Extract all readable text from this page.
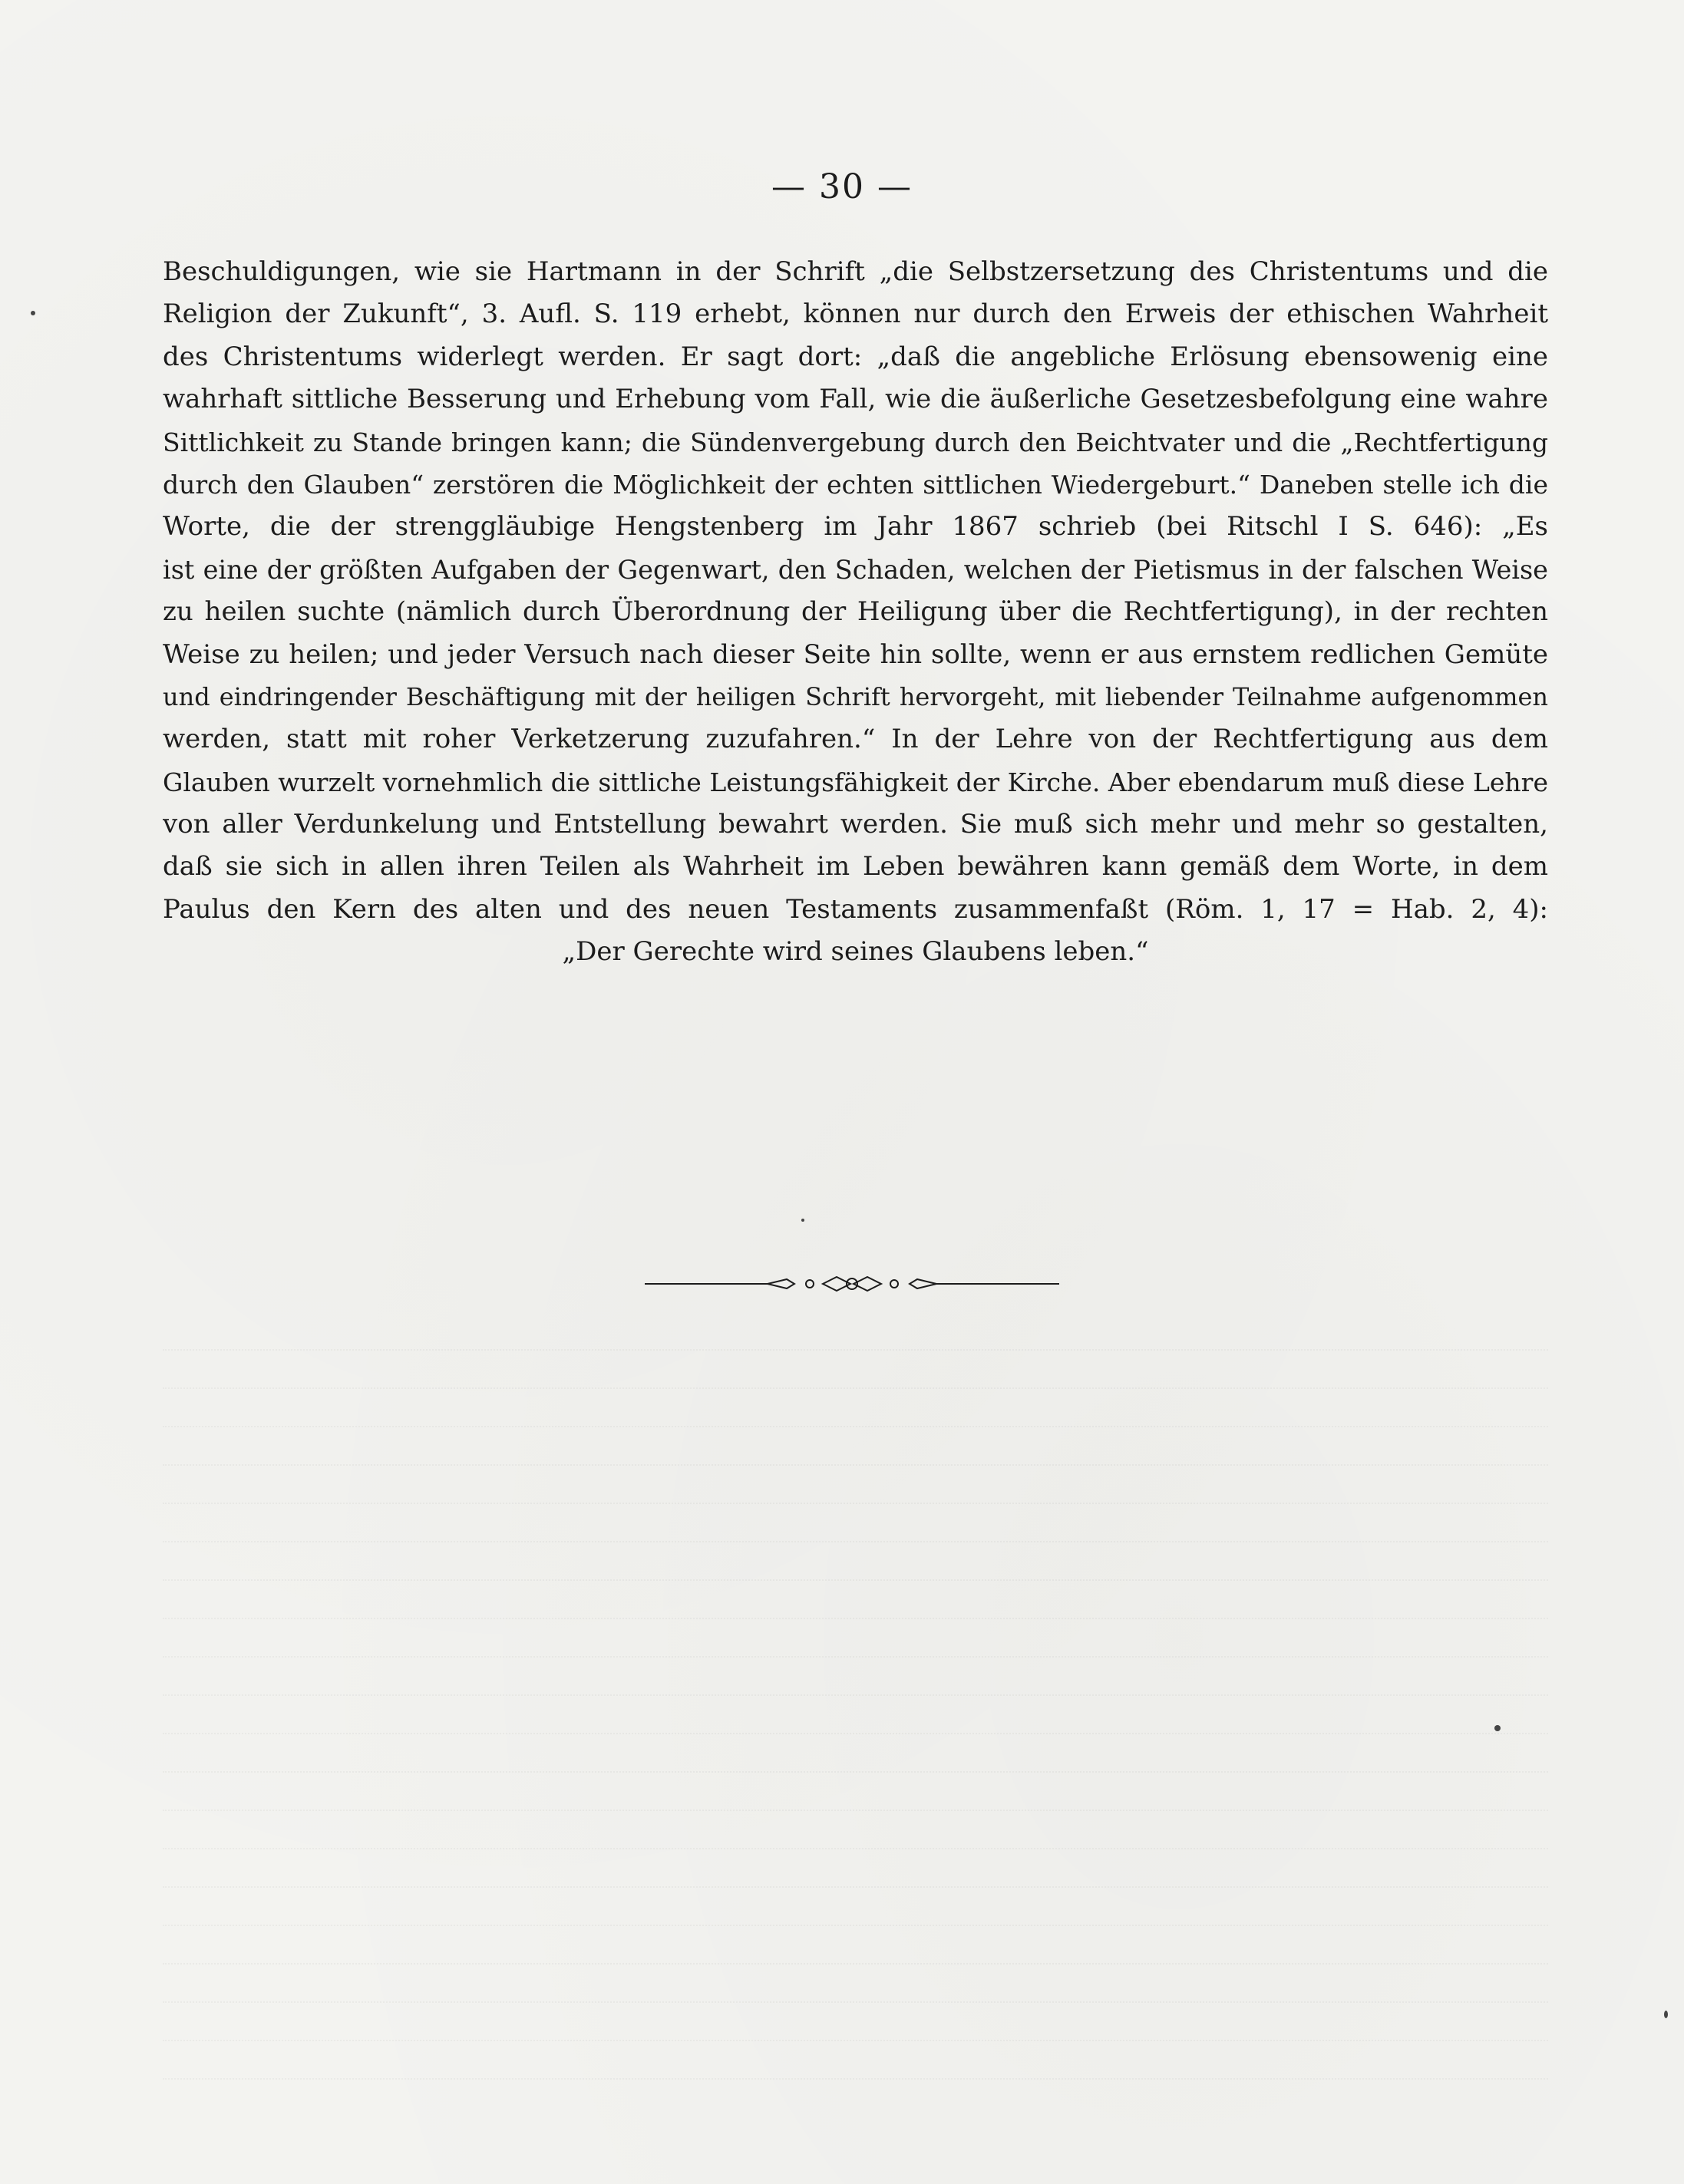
— 30 —
Beschuldigungen, wie sie Hartmann in der Schrift „die Selbstzersetzung des Christentums und die
Religion der Zukunft“, 3. Aufl. S. 119 erhebt, können nur durch den Erweis der ethischen Wahrheit
des Christentums widerlegt werden. Er sagt dort: „daß die angebliche Erlösung ebensowenig eine
wahrhaft sittliche Besserung und Erhebung vom Fall, wie die äußerliche Gesetzesbefolgung eine wahre
Sittlichkeit zu Stande bringen kann; die Sündenvergebung durch den Beichtvater und die „Rechtfertigung
durch den Glauben“ zerstören die Möglichkeit der echten sittlichen Wiedergeburt.“ Daneben stelle ich die
Worte, die der strenggläubige Hengstenberg im Jahr 1867 schrieb (bei Ritschl I S. 646): „Es
ist eine der größten Aufgaben der Gegenwart, den Schaden, welchen der Pietismus in der falschen Weise
zu heilen suchte (nämlich durch Überordnung der Heiligung über die Rechtfertigung), in der rechten
Weise zu heilen; und jeder Versuch nach dieser Seite hin sollte, wenn er aus ernstem redlichen Gemüte
und eindringender Beschäftigung mit der heiligen Schrift hervorgeht, mit liebender Teilnahme aufgenommen
werden, statt mit roher Verketzerung zuzufahren.“ In der Lehre von der Rechtfertigung aus dem
Glauben wurzelt vornehmlich die sittliche Leistungsfähigkeit der Kirche. Aber ebendarum muß diese Lehre
von aller Verdunkelung und Entstellung bewahrt werden. Sie muß sich mehr und mehr so gestalten,
daß sie sich in allen ihren Teilen als Wahrheit im Leben bewähren kann gemäß dem Worte, in dem
Paulus den Kern des alten und des neuen Testaments zusammenfaßt (Röm. 1, 17 = Hab. 2, 4):
„Der Gerechte wird seines Glaubens leben.“
